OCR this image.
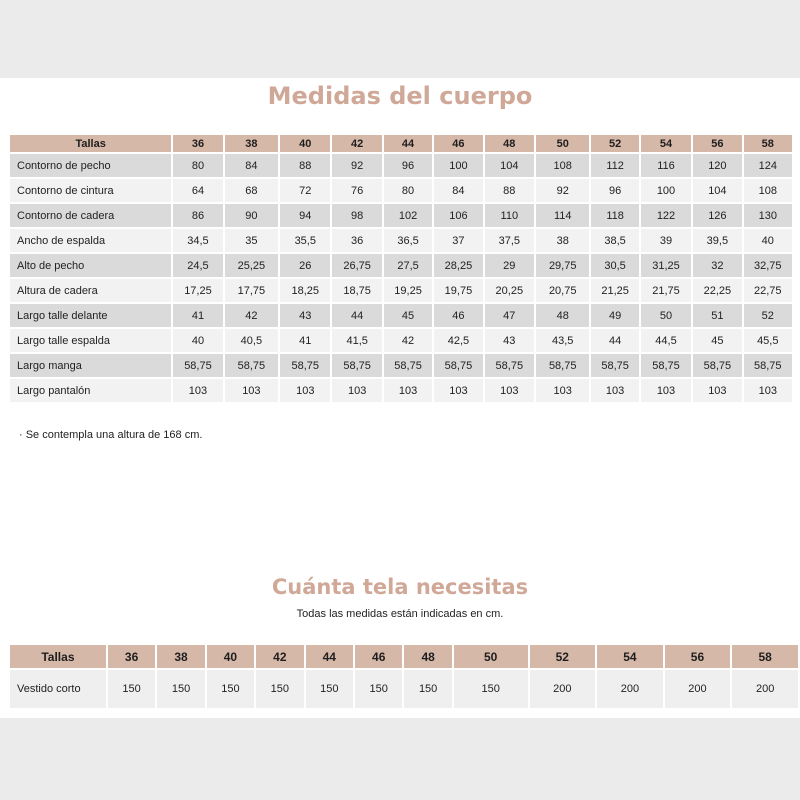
Medidas del cuerpo
Tallas	36	38	40	42	44	46	48	50	52	54	56	58
Contorno de pecho	80	84	88	92	96	100	104	108	112	116	120	124
Contorno de cintura	64	68	72	76	80	84	88	92	96	100	104	108
Contorno de cadera	86	90	94	98	102	106	110	114	118	122	126	130
Ancho de espalda	34,5	35	35,5	36	36,5	37	37,5	38	38,5	39	39,5	40
Alto de pecho	24,5	25,25	26	26,75	27,5	28,25	29	29,75	30,5	31,25	32	32,75
Altura de cadera	17,25	17,75	18,25	18,75	19,25	19,75	20,25	20,75	21,25	21,75	22,25	22,75
Largo talle delante	41	42	43	44	45	46	47	48	49	50	51	52
Largo talle espalda	40	40,5	41	41,5	42	42,5	43	43,5	44	44,5	45	45,5
Largo manga	58,75	58,75	58,75	58,75	58,75	58,75	58,75	58,75	58,75	58,75	58,75	58,75
Largo pantalón	103	103	103	103	103	103	103	103	103	103	103	103
· Se contempla una altura de 168 cm.
Cuánta tela necesitas
Todas las medidas están indicadas en cm.
Tallas	36	38	40	42	44	46	48	50	52	54	56	58
Vestido corto	150	150	150	150	150	150	150	150	200	200	200	200
